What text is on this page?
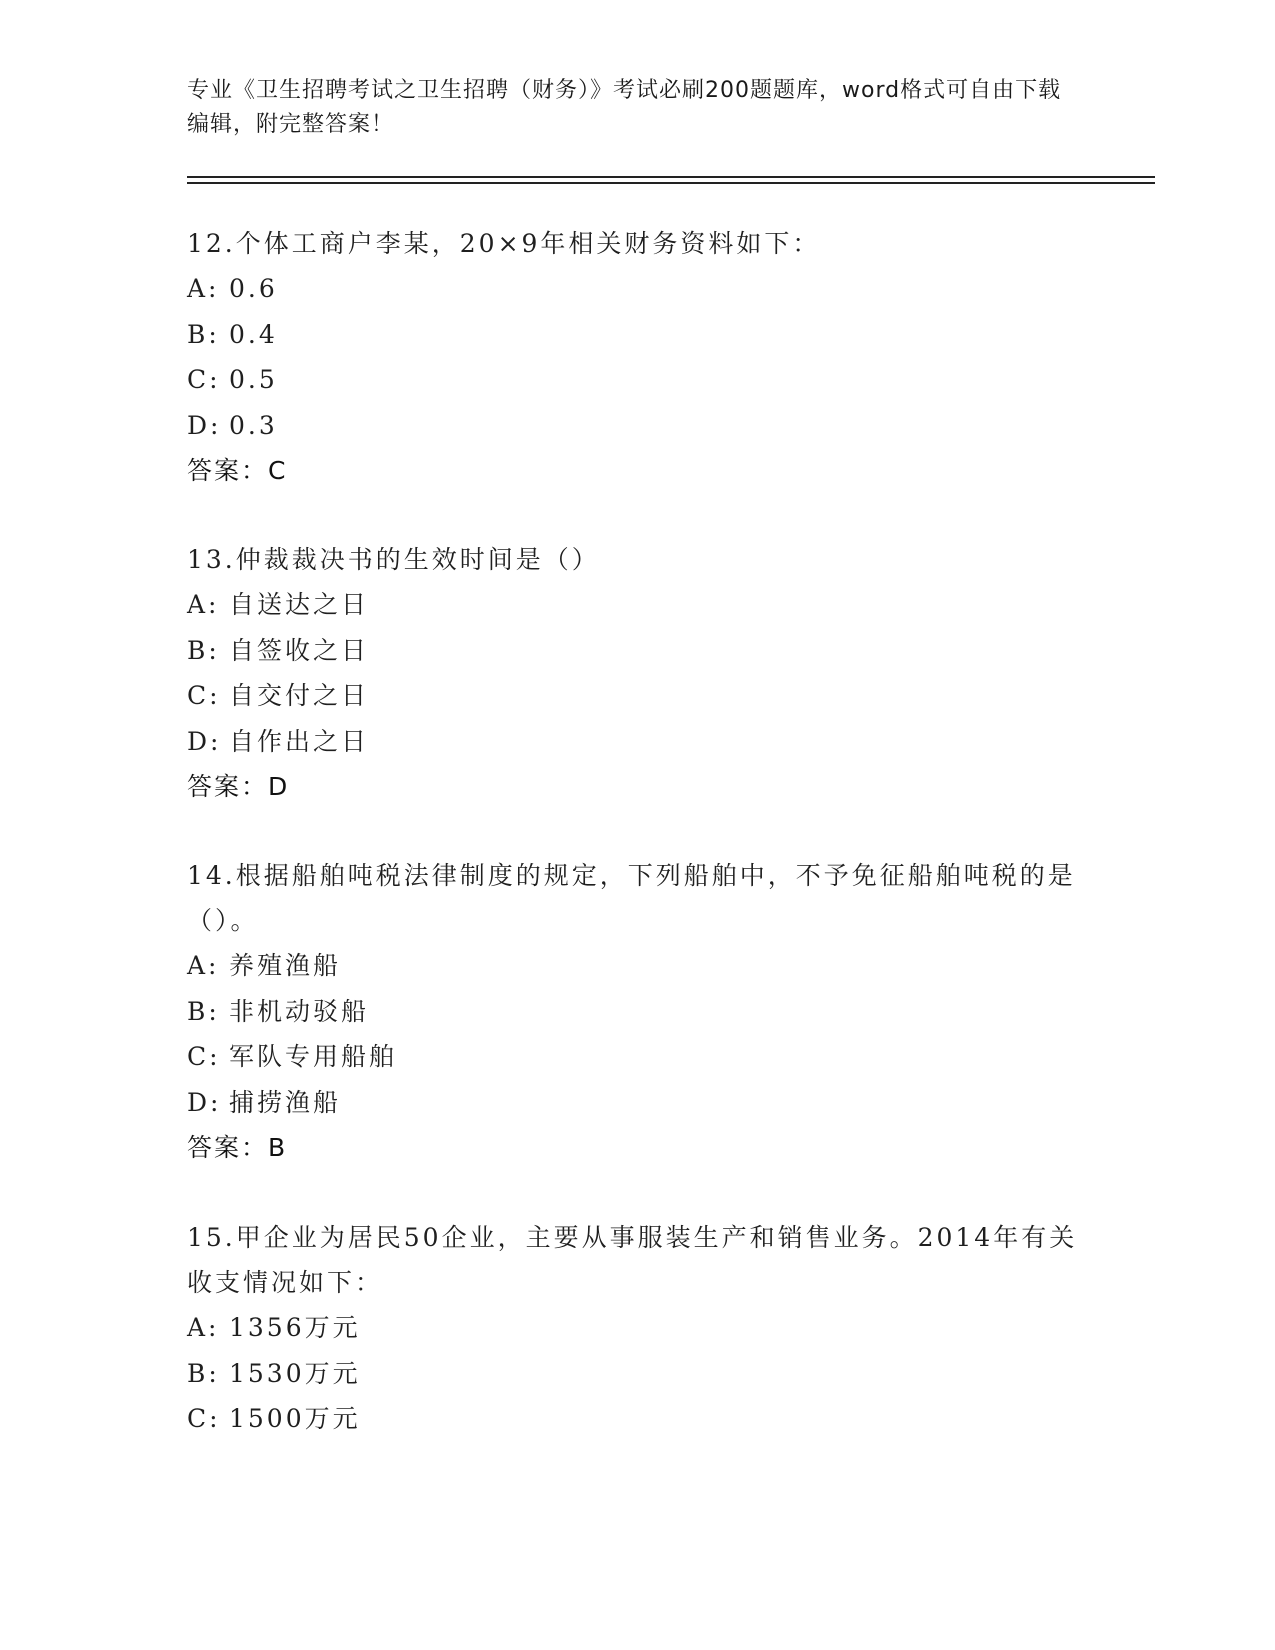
专业《卫生招聘考试之卫生招聘（财务）》考试必刷200题题库，word格式可自由下载编辑，附完整答案！
12.个体工商户李某，20×9年相关财务资料如下：
A: 0.6
B: 0.4
C: 0.5
D: 0.3
答案：C
13.仲裁裁决书的生效时间是（）
A: 自送达之日
B: 自签收之日
C: 自交付之日
D: 自作出之日
答案：D
14.根据船舶吨税法律制度的规定，下列船舶中，不予免征船舶吨税的是（）。
A: 养殖渔船
B: 非机动驳船
C: 军队专用船舶
D: 捕捞渔船
答案：B
15.甲企业为居民50企业，主要从事服装生产和销售业务。2014年有关收支情况如下：
A: 1356万元
B: 1530万元
C: 1500万元
